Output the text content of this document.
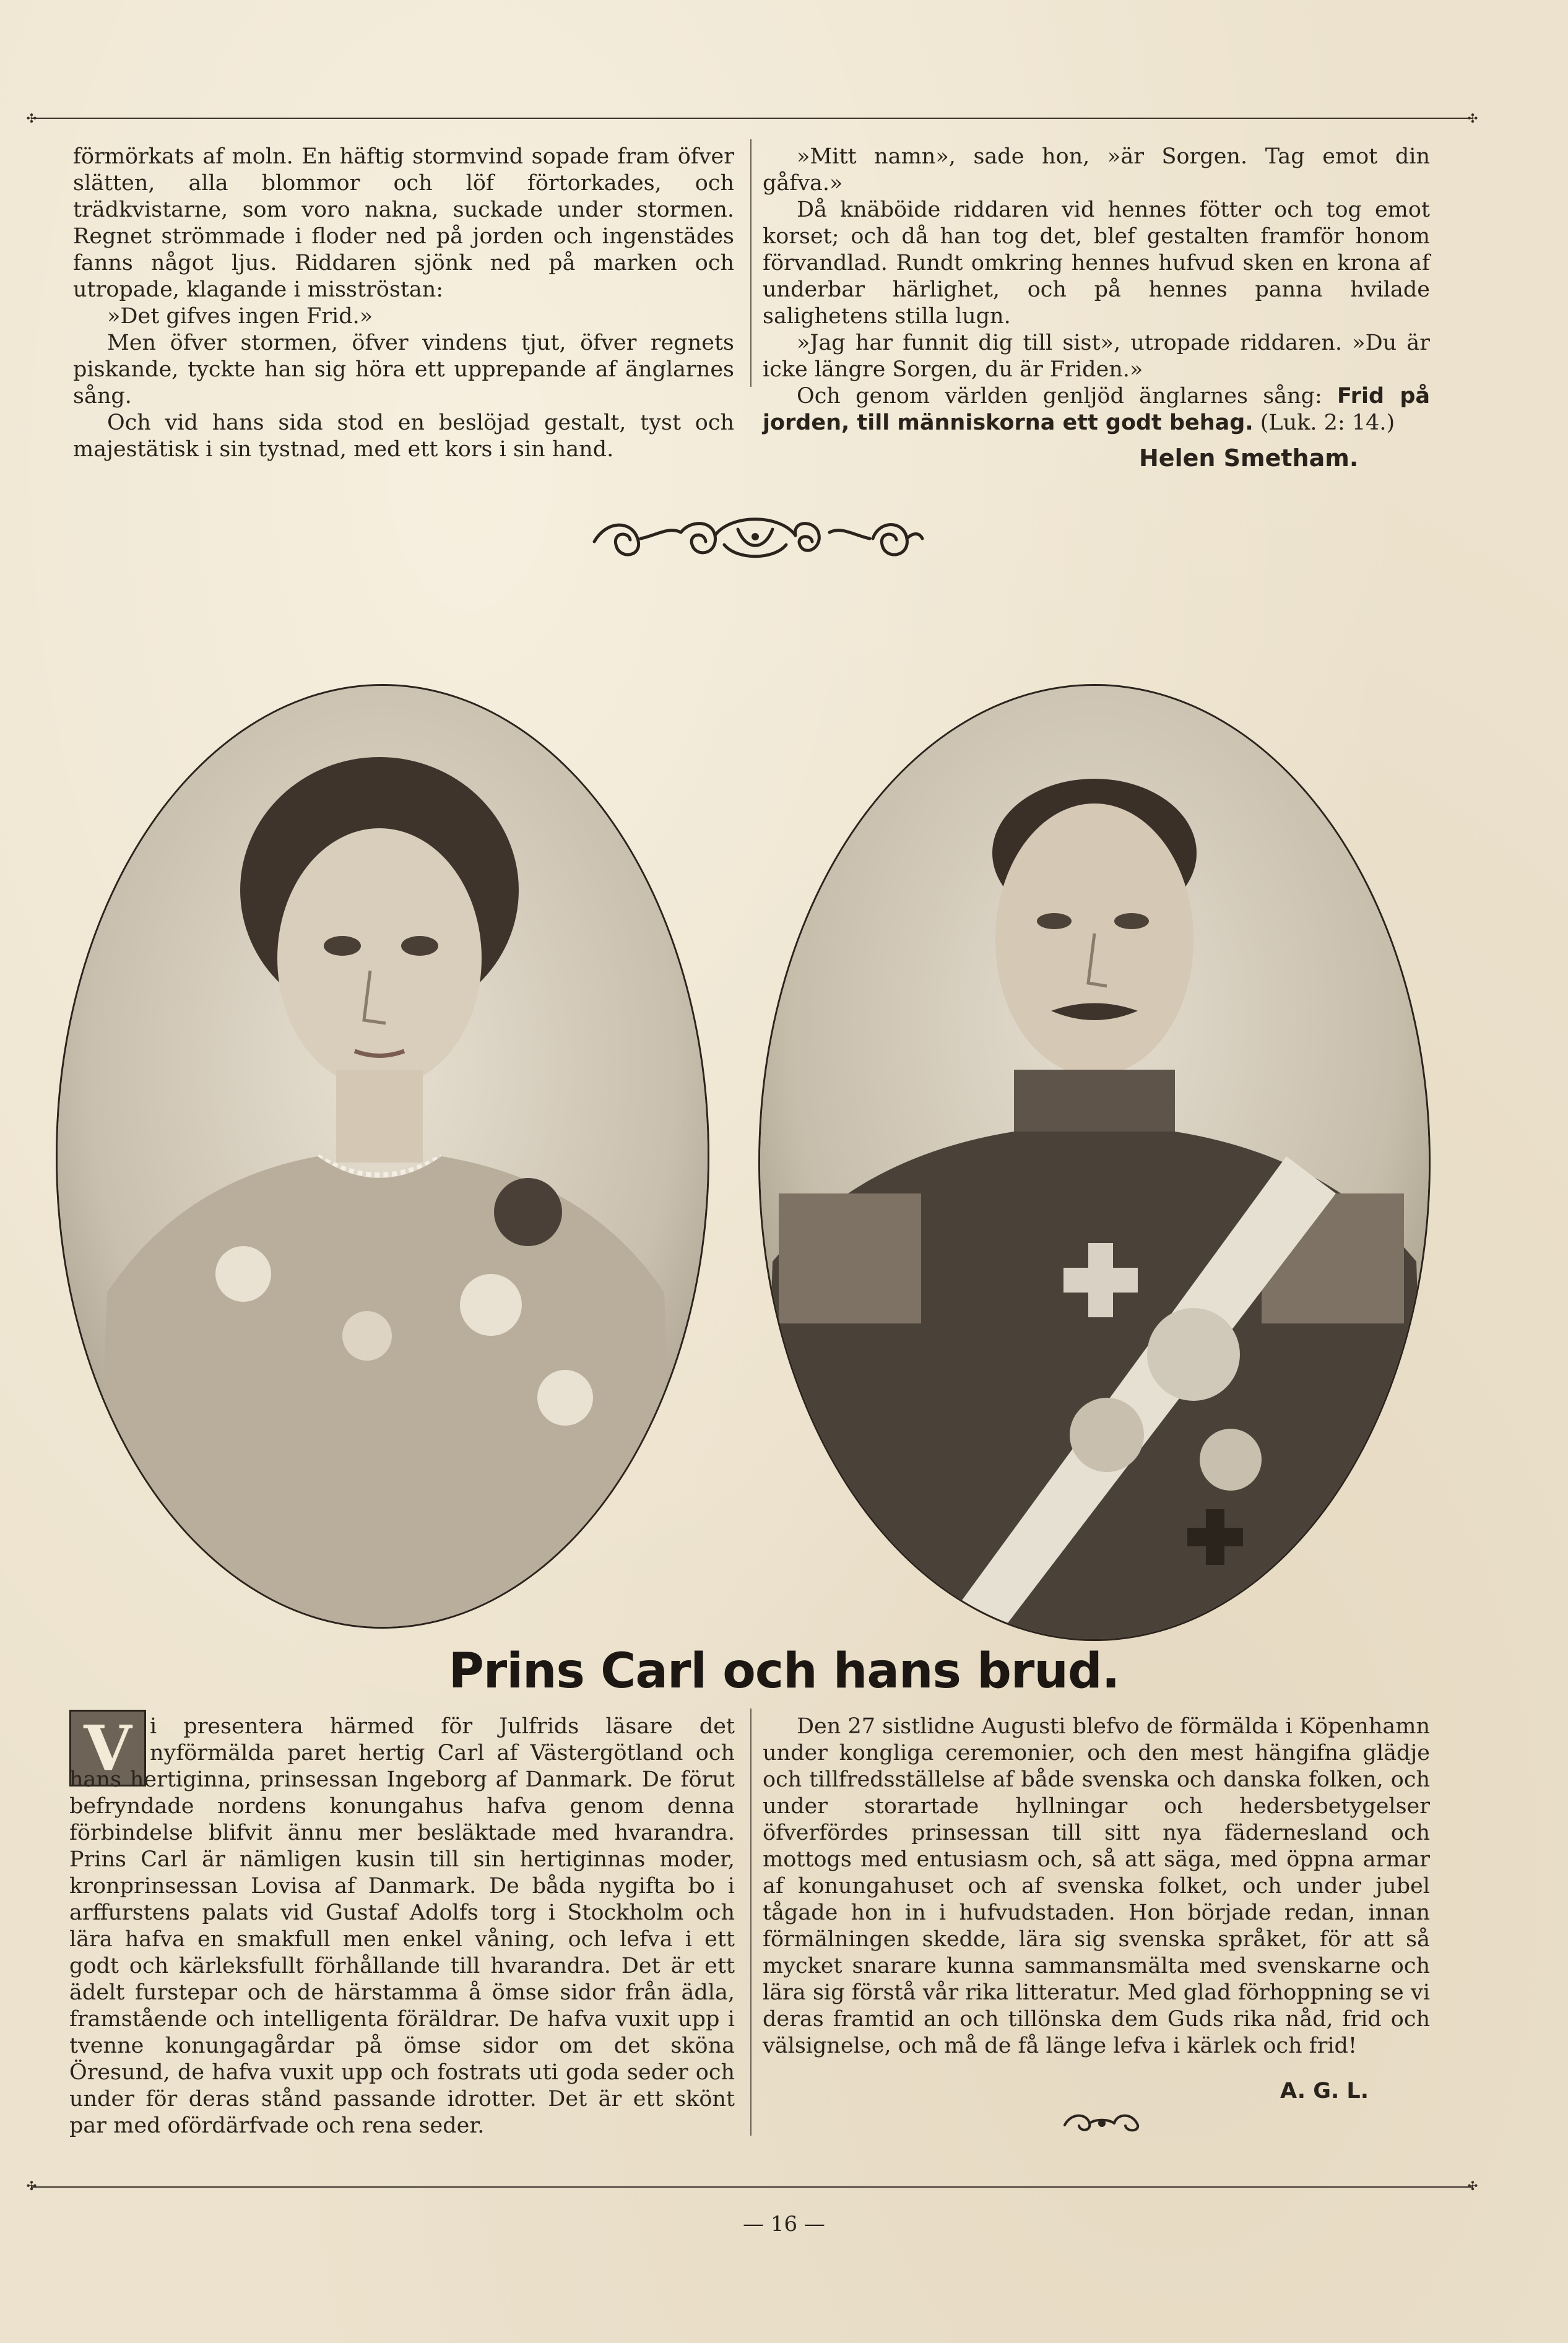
✣	✣
✣	✣

förmörkats af moln. En häftig stormvind sopade fram öfver slätten, alla blommor och löf förtorkades, och trädkvistarne, som voro nakna, suckade under stormen. Regnet strömmade i floder ned på jorden och ingenstädes fanns något ljus. Riddaren sjönk ned på marken och utropade, klagande i misströstan:

»Det gifves ingen Frid.»

Men öfver stormen, öfver vindens tjut, öfver regnets piskande, tyckte han sig höra ett upprepande af änglarnes sång.

Och vid hans sida stod en beslöjad gestalt, tyst och majestätisk i sin tystnad, med ett kors i sin hand.

»Mitt namn», sade hon, »är Sorgen. Tag emot din gåfva.»

Då knäböide riddaren vid hennes fötter och tog emot korset; och då han tog det, blef gestalten framför honom förvandlad. Rundt omkring hennes hufvud sken en krona af underbar härlighet, och på hennes panna hvilade salighetens stilla lugn.

»Jag har funnit dig till sist», utropade riddaren. »Du är icke längre Sorgen, du är Friden.»

Och genom världen genljöd änglarnes sång: Frid på jorden, till människorna ett godt behag. (Luk. 2: 14.)

Helen Smetham.
Prins Carl och hans brud.
V i presentera härmed för Julfrids läsare det nyförmälda paret hertig Carl af Västergötland och hans hertiginna, prinsessan Ingeborg af Danmark. De förut befryndade nordens konungahus hafva genom denna förbindelse blifvit ännu mer besläktade med hvarandra. Prins Carl är nämligen kusin till sin hertiginnas moder, kronprinsessan Lovisa af Danmark. De båda nygifta bo i arffurstens palats vid Gustaf Adolfs torg i Stockholm och lära hafva en smakfull men enkel våning, och lefva i ett godt och kärleksfullt förhållande till hvarandra. Det är ett ädelt furstepar och de härstamma å ömse sidor från ädla, framstående och intelligenta föräldrar. De hafva vuxit upp i tvenne konungagårdar på ömse sidor om det sköna Öresund, de hafva vuxit upp och fostrats uti goda seder och under för deras stånd passande idrotter. Det är ett skönt par med ofördärfvade och rena seder.

Den 27 sistlidne Augusti blefvo de förmälda i Köpenhamn under kongliga ceremonier, och den mest hängifna glädje och tillfredsställelse af både svenska och danska folken, och under storartade hyllningar och hedersbetygelser öfverfördes prinsessan till sitt nya fädernesland och mottogs med entusiasm och, så att säga, med öppna armar af konungahuset och af svenska folket, och under jubel tågade hon in i hufvudstaden. Hon började redan, innan förmälningen skedde, lära sig svenska språket, för att så mycket snarare kunna sammansmälta med svenskarne och lära sig förstå vår rika litteratur. Med glad förhoppning se vi deras framtid an och tillönska dem Guds rika nåd, frid och välsignelse, och må de få länge lefva i kärlek och frid!

A. G. L.
— 16 —
